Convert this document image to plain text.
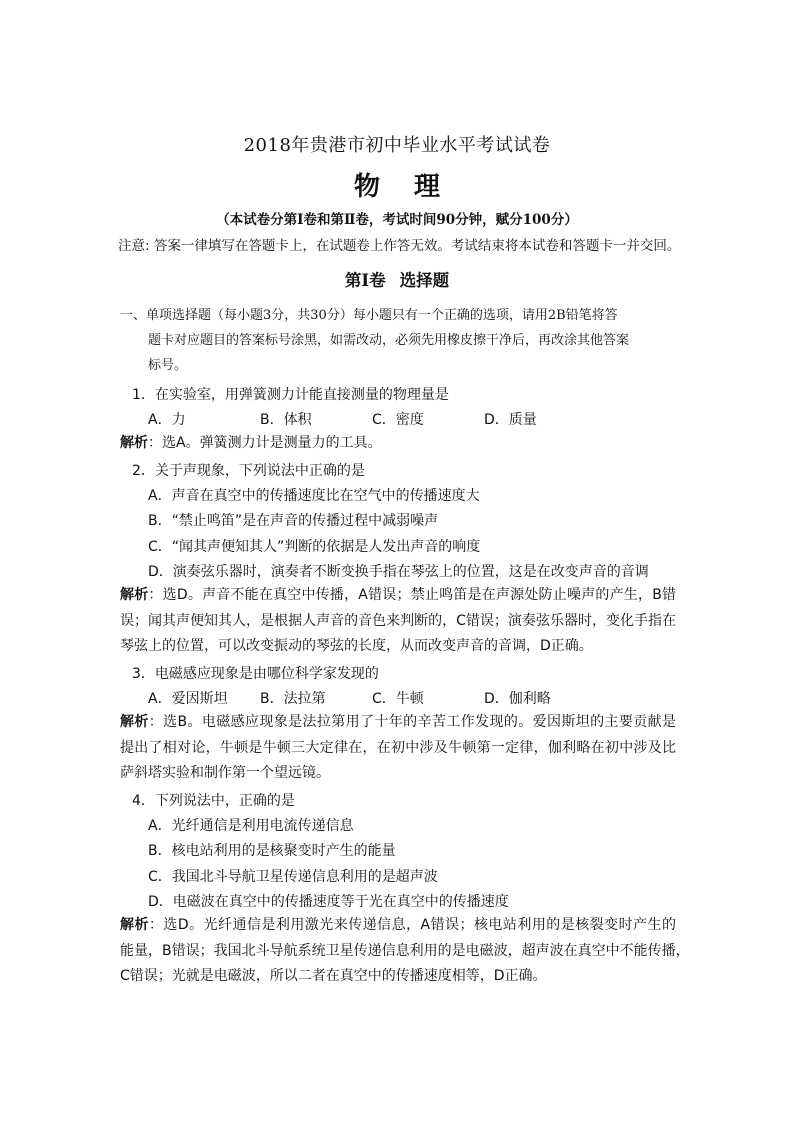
2018年贵港市初中毕业水平考试试卷
物 理
（本试卷分第Ⅰ卷和第Ⅱ卷，考试时间90分钟，赋分100分）
注意: 答案一律填写在答题卡上，在试题卷上作答无效。考试结束将本试卷和答题卡一并交回。
第Ⅰ卷 选择题
一、单项选择题（每小题3分，共30分）每小题只有一个正确的选项，请用2B铅笔将答
题卡对应题目的答案标号涂黑，如需改动，必须先用橡皮擦干净后，再改涂其他答案
标号。
1．在实验室，用弹簧测力计能直接测量的物理量是
A．力	B．体积	C．密度	D．质量
解析：选A。弹簧测力计是测量力的工具。
2．关于声现象，下列说法中正确的是
A．声音在真空中的传播速度比在空气中的传播速度大
B．“禁止鸣笛”是在声音的传播过程中减弱噪声
C．“闻其声便知其人”判断的依据是人发出声音的响度
D．演奏弦乐器时，演奏者不断变换手指在琴弦上的位置，这是在改变声音的音调
解析：选D。声音不能在真空中传播，A错误；禁止鸣笛是在声源处防止噪声的产生，B错
误；闻其声便知其人，是根据人声音的音色来判断的，C错误；演奏弦乐器时，变化手指在
琴弦上的位置，可以改变振动的琴弦的长度，从而改变声音的音调，D正确。
3．电磁感应现象是由哪位科学家发现的
A．爱因斯坦 B．法拉第	C．牛顿	D．伽利略
解析：选B。电磁感应现象是法拉第用了十年的辛苦工作发现的。爱因斯坦的主要贡献是
提出了相对论，牛顿是牛顿三大定律在，在初中涉及牛顿第一定律，伽利略在初中涉及比
萨斜塔实验和制作第一个望远镜。
4．下列说法中，正确的是
A．光纤通信是利用电流传递信息
B．核电站利用的是核聚变时产生的能量
C．我国北斗导航卫星传递信息利用的是超声波
D．电磁波在真空中的传播速度等于光在真空中的传播速度
解析：选D。光纤通信是利用激光来传递信息，A错误；核电站利用的是核裂变时产生的
能量，B错误；我国北斗导航系统卫星传递信息利用的是电磁波，超声波在真空中不能传播，
C错误；光就是电磁波，所以二者在真空中的传播速度相等，D正确。
